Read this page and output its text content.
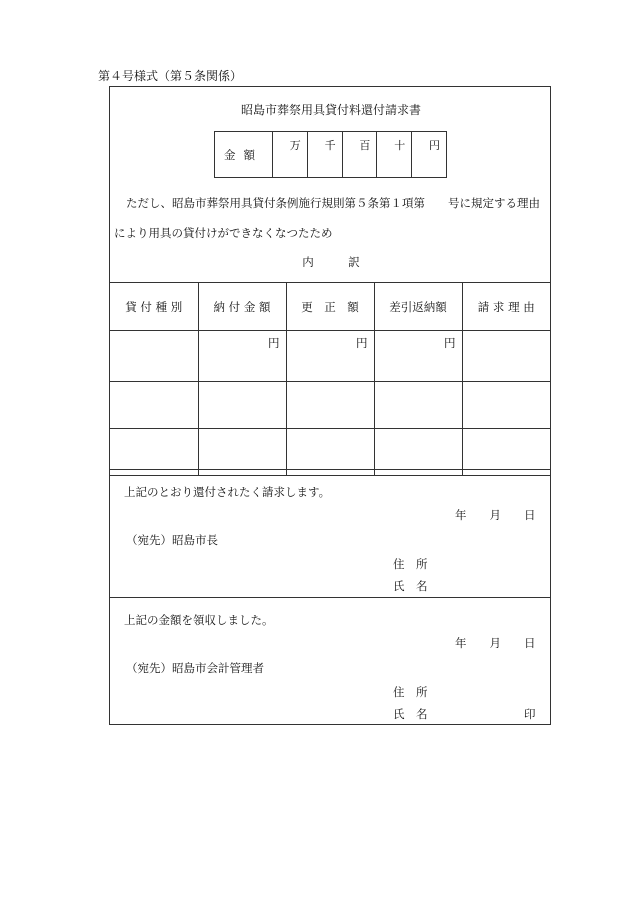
第４号様式（第５条関係）
昭島市葬祭用具貸付料還付請求書
金額
万	千	百	十	円
ただし、昭島市葬祭用具貸付条例施行規則第５条第１項第　　号に規定する理由
により用具の貸付けができなくなつたため
内　　　訳
貸 付 種 別	納 付 金 額	更　正　額	差引返納額	請 求 理 由
	円	円	円	

上記のとおり還付されたく請求します。
年　　月　　日
（宛先）昭島市長
住　所
氏　名
上記の金額を領収しました。
年　　月　　日
（宛先）昭島市会計管理者
住　所
氏　名	印
